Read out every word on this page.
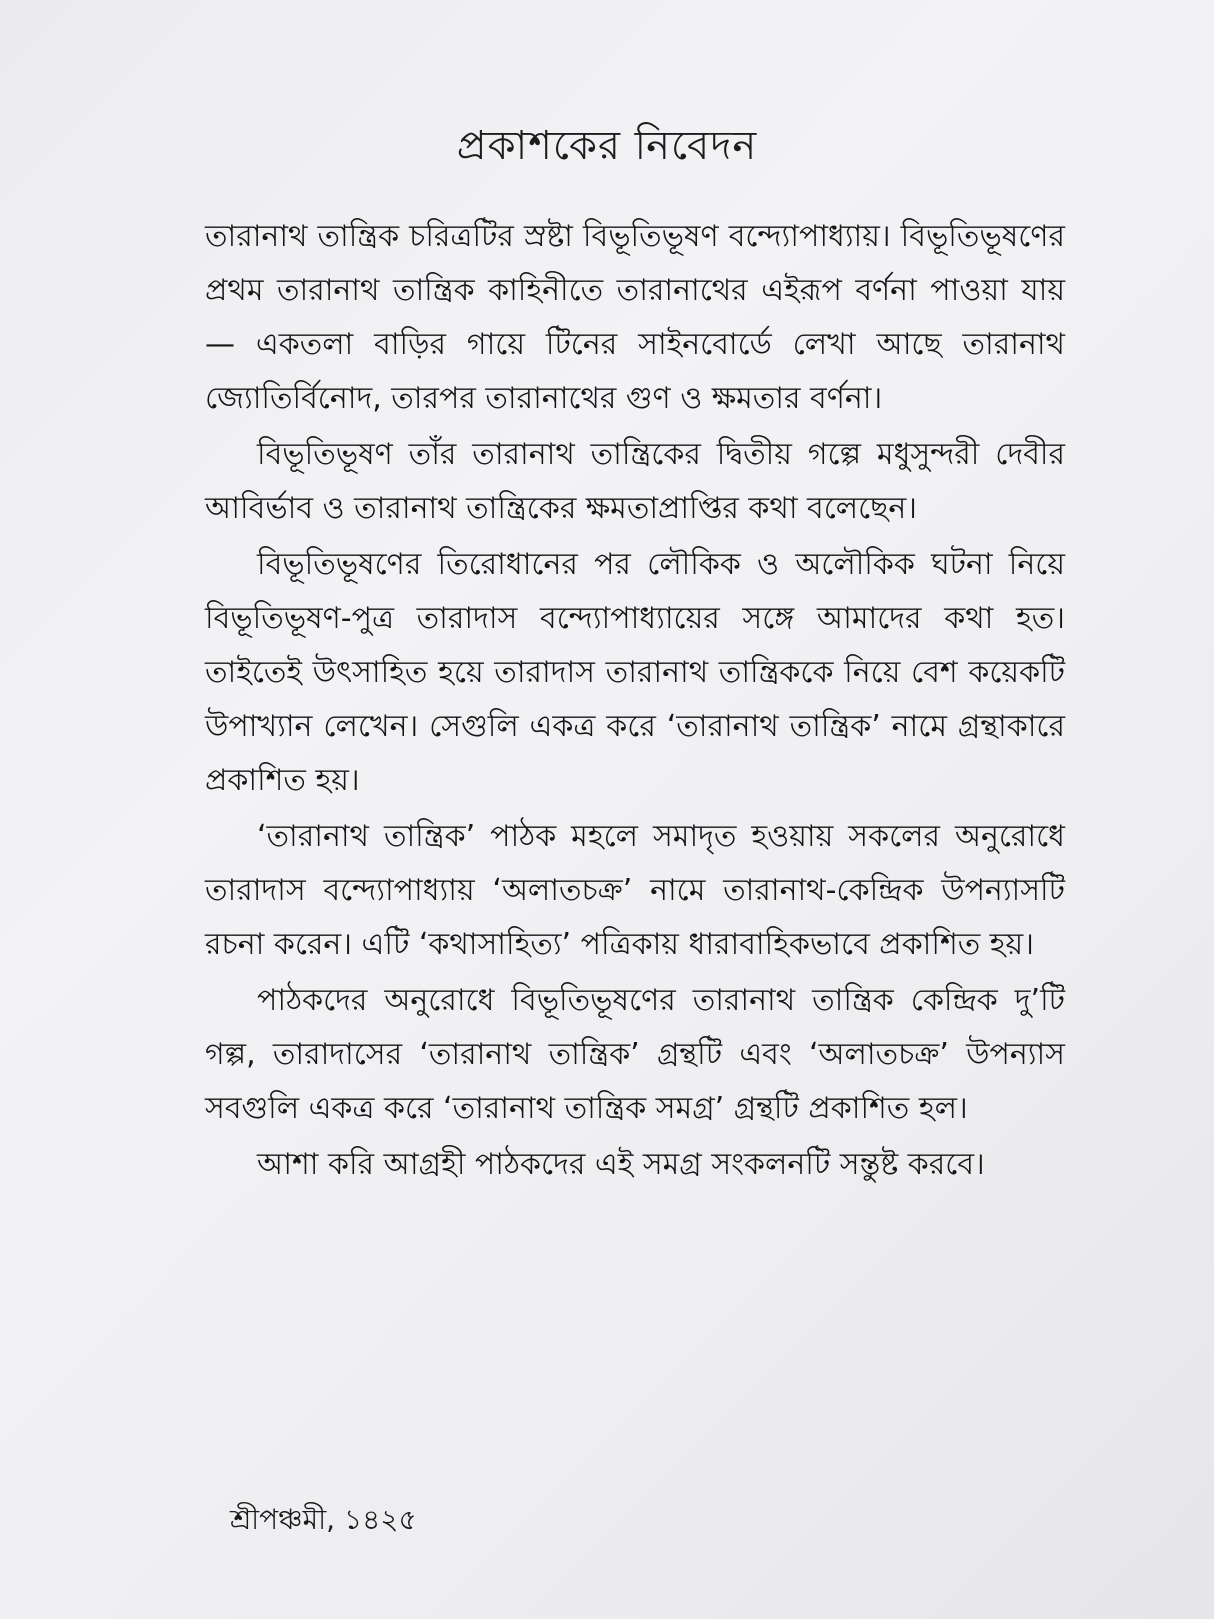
প্রকাশকের নিবেদন

তারানাথ তান্ত্রিক চরিত্রটির স্রষ্টা বিভূতিভূষণ বন্দ্যোপাধ্যায়। বিভূতিভূষণের প্রথম তারানাথ তান্ত্রিক কাহিনীতে তারানাথের এইরূপ বর্ণনা পাওয়া যায় — একতলা বাড়ির গায়ে টিনের সাইনবোর্ডে লেখা আছে তারানাথ জ্যোতির্বিনোদ, তারপর তারানাথের গুণ ও ক্ষমতার বর্ণনা।

বিভূতিভূষণ তাঁর তারানাথ তান্ত্রিকের দ্বিতীয় গল্পে মধুসুন্দরী দেবীর আবির্ভাব ও তারানাথ তান্ত্রিকের ক্ষমতাপ্রাপ্তির কথা বলেছেন।

বিভূতিভূষণের তিরোধানের পর লৌকিক ও অলৌকিক ঘটনা নিয়ে বিভূতিভূষণ-পুত্র তারাদাস বন্দ্যোপাধ্যায়ের সঙ্গে আমাদের কথা হত। তাইতেই উৎসাহিত হয়ে তারাদাস তারানাথ তান্ত্রিককে নিয়ে বেশ কয়েকটি উপাখ্যান লেখেন। সেগুলি একত্র করে ‘তারানাথ তান্ত্রিক’ নামে গ্রন্থাকারে প্রকাশিত হয়।

‘তারানাথ তান্ত্রিক’ পাঠক মহলে সমাদৃত হওয়ায় সকলের অনুরোধে তারাদাস বন্দ্যোপাধ্যায় ‘অলাতচক্র’ নামে তারানাথ-কেন্দ্রিক উপন্যাসটি রচনা করেন। এটি ‘কথাসাহিত্য’ পত্রিকায় ধারাবাহিকভাবে প্রকাশিত হয়।

পাঠকদের অনুরোধে বিভূতিভূষণের তারানাথ তান্ত্রিক কেন্দ্রিক দু’টি গল্প, তারাদাসের ‘তারানাথ তান্ত্রিক’ গ্রন্থটি এবং ‘অলাতচক্র’ উপন্যাস সবগুলি একত্র করে ‘তারানাথ তান্ত্রিক সমগ্র’ গ্রন্থটি প্রকাশিত হল।

আশা করি আগ্রহী পাঠকদের এই সমগ্র সংকলনটি সন্তুষ্ট করবে।

শ্রীপঞ্চমী, ১৪২৫
